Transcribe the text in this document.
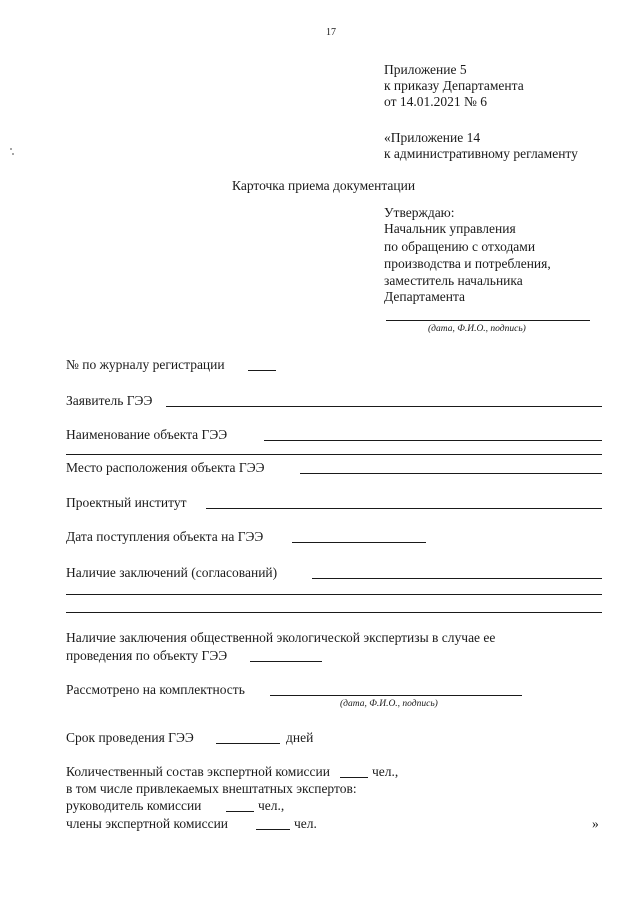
17
Приложение 5
к приказу Департамента
от 14.01.2021 № 6
«Приложение 14
к административному регламенту
Карточка приема документации
Утверждаю:
Начальник управления
по обращению с отходами
производства и потребления,
заместитель начальника
Департамента
(дата, Ф.И.О., подпись)
№ по журналу регистрации
Заявитель ГЭЭ
Наименование объекта ГЭЭ
Место расположения объекта ГЭЭ
Проектный институт
Дата поступления объекта на ГЭЭ
Наличие заключений (согласований)
Наличие заключения общественной экологической экспертизы в случае ее
проведения по объекту ГЭЭ
Рассмотрено на комплектность
(дата, Ф.И.О., подпись)
Срок проведения ГЭЭ	дней
Количественный состав экспертной комиссии	чел.,
в том числе привлекаемых внештатных экспертов:
руководитель комиссии	чел.,
члены экспертной комиссии	чел.	»
